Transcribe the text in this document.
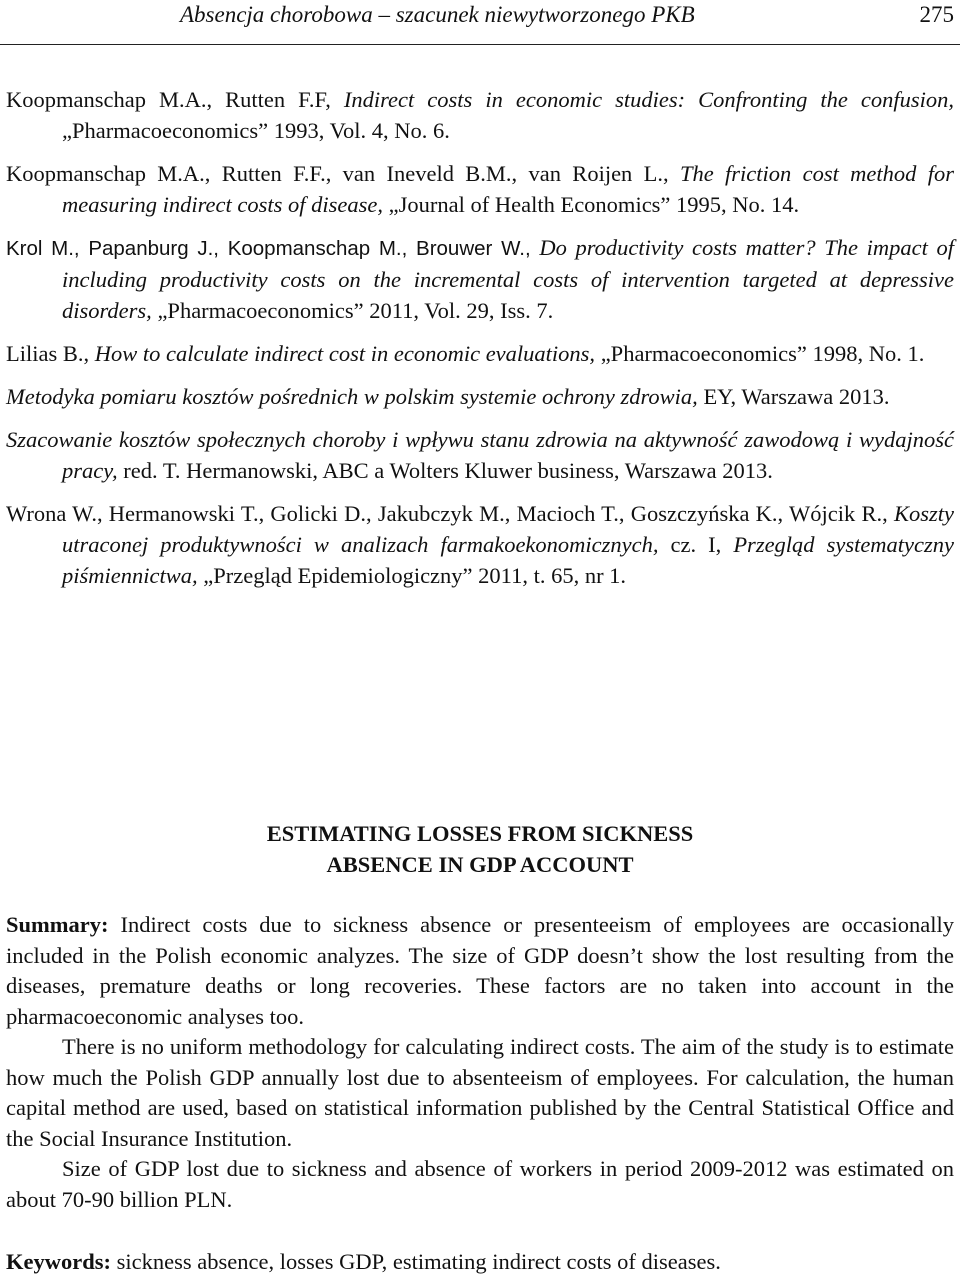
Absencja chorobowa – szacunek niewytworzonego PKB	275

Koopmanschap M.A., Rutten F.F, Indirect costs in economic studies: Confronting the confusion, „Pharmacoeconomics” 1993, Vol. 4, No. 6.

Koopmanschap M.A., Rutten F.F., van Ineveld B.M., van Roijen L., The friction cost method for measuring indirect costs of disease, „Journal of Health Economics” 1995, No. 14.

Krol M., Papanburg J., Koopmanschap M., Brouwer W., Do productivity costs matter? The impact of including productivity costs on the incremental costs of intervention targeted at depressive disorders, „Pharmacoeconomics” 2011, Vol. 29, Iss. 7.

Lilias B., How to calculate indirect cost in economic evaluations, „Pharmacoeconomics” 1998, No. 1.

Metodyka pomiaru kosztów pośrednich w polskim systemie ochrony zdrowia, EY, Warszawa 2013.

Szacowanie kosztów społecznych choroby i wpływu stanu zdrowia na aktywność zawodową i wydajność pracy, red. T. Hermanowski, ABC a Wolters Kluwer business, Warszawa 2013.

Wrona W., Hermanowski T., Golicki D., Jakubczyk M., Macioch T., Goszczyńska K., Wójcik R., Koszty utraconej produktywności w analizach farmakoekonomicznych, cz. I, Przegląd systematyczny piśmiennictwa, „Przegląd Epidemiologiczny” 2011, t. 65, nr 1.

ESTIMATING LOSSES FROM SICKNESS
ABSENCE IN GDP ACCOUNT

Summary: Indirect costs due to sickness absence or presenteeism of employees are occasionally included in the Polish economic analyzes. The size of GDP doesn’t show the lost resulting from the diseases, premature deaths or long recoveries. These factors are no taken into account in the pharmacoeconomic analyses too.

There is no uniform methodology for calculating indirect costs. The aim of the study is to estimate how much the Polish GDP annually lost due to absenteeism of employees. For calculation, the human capital method are used, based on statistical information published by the Central Statistical Office and the Social Insurance Institution.

Size of GDP lost due to sickness and absence of workers in period 2009-2012 was estimated on about 70-90 billion PLN.

Keywords: sickness absence, losses GDP, estimating indirect costs of diseases.
